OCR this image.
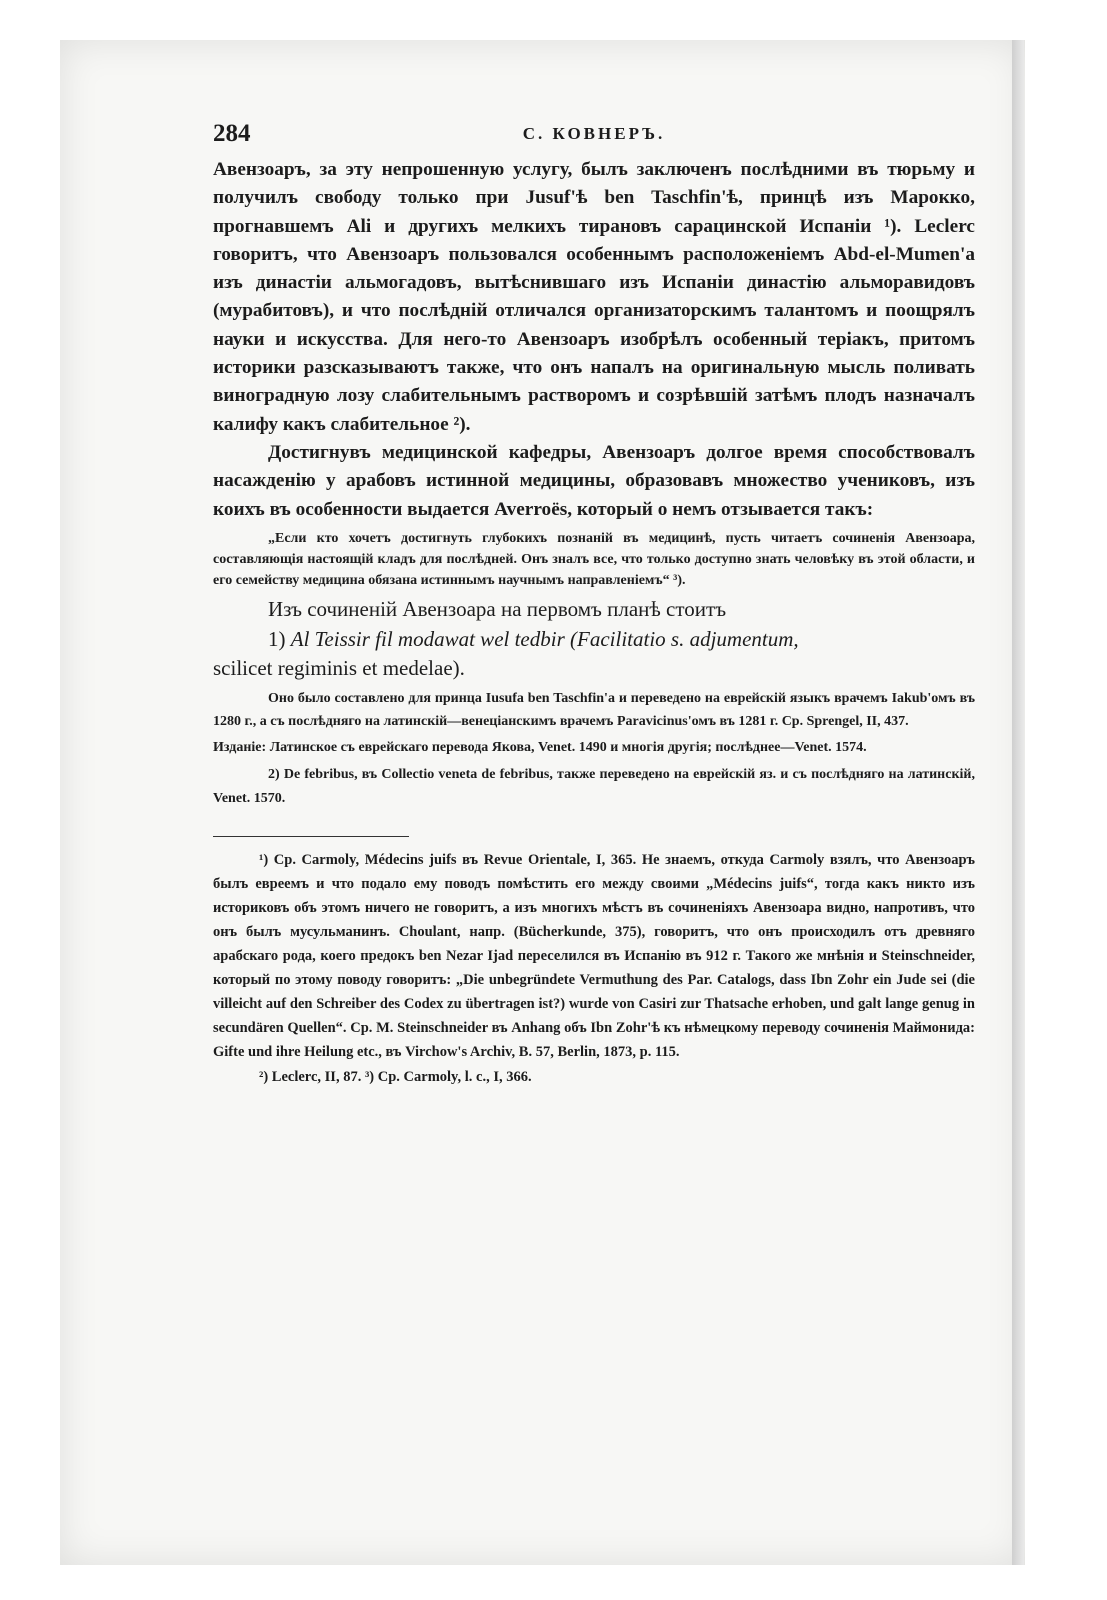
284	С. КОВНЕРЪ.

Авензоаръ, за эту непрошенную услугу, былъ заключенъ послѣдними въ тюрьму и получилъ свободу только при Jusuf'ѣ ben Taschfin'ѣ, принцѣ изъ Марокко, прогнавшемъ Ali и другихъ мелкихъ тирановъ сарацинской Испаніи ¹). Leclerc говоритъ, что Авензоаръ пользовался особеннымъ расположеніемъ Abd-el-Mumen'a изъ династіи альмогадовъ, вытѣснившаго изъ Испаніи династію альморавидовъ (мурабитовъ), и что послѣдній отличался организаторскимъ талантомъ и поощрялъ науки и искусства. Для него-то Авензоаръ изобрѣлъ особенный теріакъ, притомъ историки разсказываютъ также, что онъ напалъ на оригинальную мысль поливать виноградную лозу слабительнымъ растворомъ и созрѣвшій затѣмъ плодъ назначалъ калифу какъ слабительное ²).

Достигнувъ медицинской кафедры, Авензоаръ долгое время способствовалъ насажденію у арабовъ истинной медицины, образовавъ множество учениковъ, изъ коихъ въ особенности выдается Averroës, который о немъ отзывается такъ:

„Если кто хочетъ достигнуть глубокихъ познаній въ медицинѣ, пусть читаетъ сочиненія Авензоара, составляющія настоящій кладъ для послѣдней. Онъ зналъ все, что только доступно знать человѣку въ этой области, и его семейству медицина обязана истиннымъ научнымъ направленіемъ“ ³).

Изъ сочиненій Авензоара на первомъ планѣ стоитъ

1) Al Teissir fil modawat wel tedbir (Facilitatio s. adjumentum,

scilicet regiminis et medelae).

Оно было составлено для принца Iusufa ben Taschfin'a и переведено на еврейскій языкъ врачемъ Iakub'омъ въ 1280 г., а съ послѣдняго на латинскій—венеціанскимъ врачемъ Paravicinus'омъ въ 1281 г. Ср. Sprengel, II, 437.

Изданіе: Латинское съ еврейскаго перевода Якова, Venet. 1490 и многія другія; послѣднее—Venet. 1574.

2) De febribus, въ Collectio veneta de febribus, также переведено на еврейскій яз. и съ послѣдняго на латинскій, Venet. 1570.

¹) Ср. Carmoly, Médecins juifs въ Revue Orientale, I, 365. Не знаемъ, откуда Carmoly взялъ, что Авензоаръ былъ евреемъ и что подало ему поводъ помѣстить его между своими „Médecins juifs“, тогда какъ никто изъ историковъ объ этомъ ничего не говоритъ, а изъ многихъ мѣстъ въ сочиненіяхъ Авензоара видно, напротивъ, что онъ былъ мусульманинъ. Choulant, напр. (Bücherkunde, 375), говоритъ, что онъ происходилъ отъ древняго арабскаго рода, коего предокъ ben Nezar Ijad переселился въ Испанію въ 912 г. Такого же мнѣнія и Steinschneider, который по этому поводу говоритъ: „Die unbegründete Vermuthung des Par. Catalogs, dass Ibn Zohr ein Jude sei (die villeicht auf den Schreiber des Codex zu übertragen ist?) wurde von Casiri zur Thatsache erhoben, und galt lange genug in secundären Quellen“. Ср. M. Steinschneider въ Anhang объ Ibn Zohr'ѣ къ нѣмецкому переводу сочиненія Маймонида: Gifte und ihre Heilung etc., въ Virchow's Archiv, B. 57, Berlin, 1873, p. 115.

²) Leclerc, II, 87. ³) Ср. Carmoly, l. c., I, 366.
